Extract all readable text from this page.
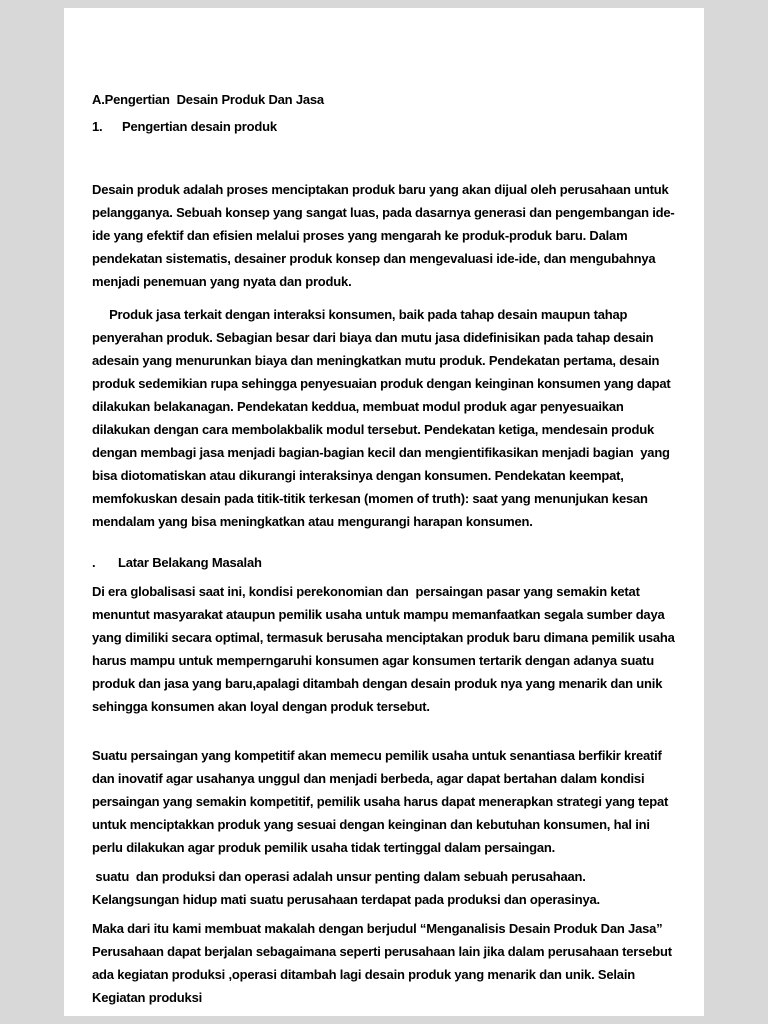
A.Pengertian  Desain Produk Dan Jasa

1.	Pengertian desain produk

Desain produk adalah proses menciptakan produk baru yang akan dijual oleh perusahaan untuk pelangganya. Sebuah konsep yang sangat luas, pada dasarnya generasi dan pengembangan ide-ide yang efektif dan efisien melalui proses yang mengarah ke produk-produk baru. Dalam pendekatan sistematis, desainer produk konsep dan mengevaluasi ide-ide, dan mengubahnya menjadi penemuan yang nyata dan produk.

Produk jasa terkait dengan interaksi konsumen, baik pada tahap desain maupun tahap penyerahan produk. Sebagian besar dari biaya dan mutu jasa didefinisikan pada tahap desain adesain yang menurunkan biaya dan meningkatkan mutu produk. Pendekatan pertama, desain produk sedemikian rupa sehingga penyesuaian produk dengan keinginan konsumen yang dapat dilakukan belakanagan. Pendekatan keddua, membuat modul produk agar penyesuaikan dilakukan dengan cara membolakbalik modul tersebut. Pendekatan ketiga, mendesain produk dengan membagi jasa menjadi bagian-bagian kecil dan mengientifikasikan menjadi bagian  yang bisa diotomatiskan atau dikurangi interaksinya dengan konsumen. Pendekatan keempat, memfokuskan desain pada titik-titik terkesan (momen of truth): saat yang menunjukan kesan mendalam yang bisa meningkatkan atau mengurangi harapan konsumen.

.	Latar Belakang Masalah

Di era globalisasi saat ini, kondisi perekonomian dan  persaingan pasar yang semakin ketat menuntut masyarakat ataupun pemilik usaha untuk mampu memanfaatkan segala sumber daya yang dimiliki secara optimal, termasuk berusaha menciptakan produk baru dimana pemilik usaha harus mampu untuk memperngaruhi konsumen agar konsumen tertarik dengan adanya suatu produk dan jasa yang baru,apalagi ditambah dengan desain produk nya yang menarik dan unik sehingga konsumen akan loyal dengan produk tersebut.

Suatu persaingan yang kompetitif akan memecu pemilik usaha untuk senantiasa berfikir kreatif dan inovatif agar usahanya unggul dan menjadi berbeda, agar dapat bertahan dalam kondisi persaingan yang semakin kompetitif, pemilik usaha harus dapat menerapkan strategi yang tepat untuk menciptakkan produk yang sesuai dengan keinginan dan kebutuhan konsumen, hal ini perlu dilakukan agar produk pemilik usaha tidak tertinggal dalam persaingan.

suatu  dan produksi dan operasi adalah unsur penting dalam sebuah perusahaan. Kelangsungan hidup mati suatu perusahaan terdapat pada produksi dan operasinya.

Maka dari itu kami membuat makalah dengan berjudul “Menganalisis Desain Produk Dan Jasa” Perusahaan dapat berjalan sebagaimana seperti perusahaan lain jika dalam perusahaan tersebut ada kegiatan produksi ,operasi ditambah lagi desain produk yang menarik dan unik. Selain Kegiatan produksi
